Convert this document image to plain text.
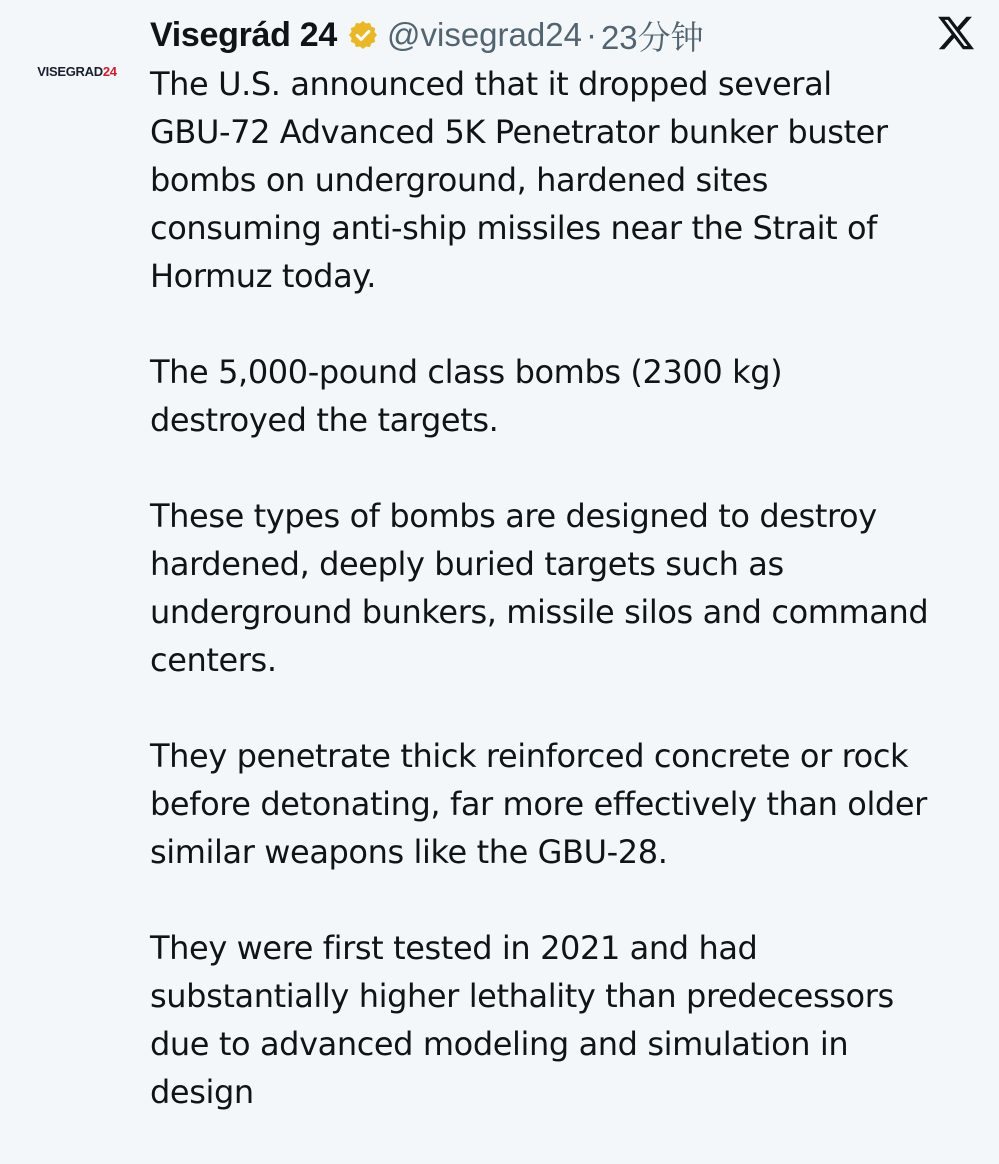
VISEGRAD 24
Visegrád 24 @visegrad24 · 23分钟

The U.S. announced that it dropped several
GBU-72 Advanced 5K Penetrator bunker buster
bombs on underground, hardened sites
consuming anti-ship missiles near the Strait of
Hormuz today.

The 5,000-pound class bombs (2300 kg)
destroyed the targets.

These types of bombs are designed to destroy
hardened, deeply buried targets such as
underground bunkers, missile silos and command
centers.

They penetrate thick reinforced concrete or rock
before detonating, far more effectively than older
similar weapons like the GBU-28.

They were first tested in 2021 and had
substantially higher lethality than predecessors
due to advanced modeling and simulation in
design
